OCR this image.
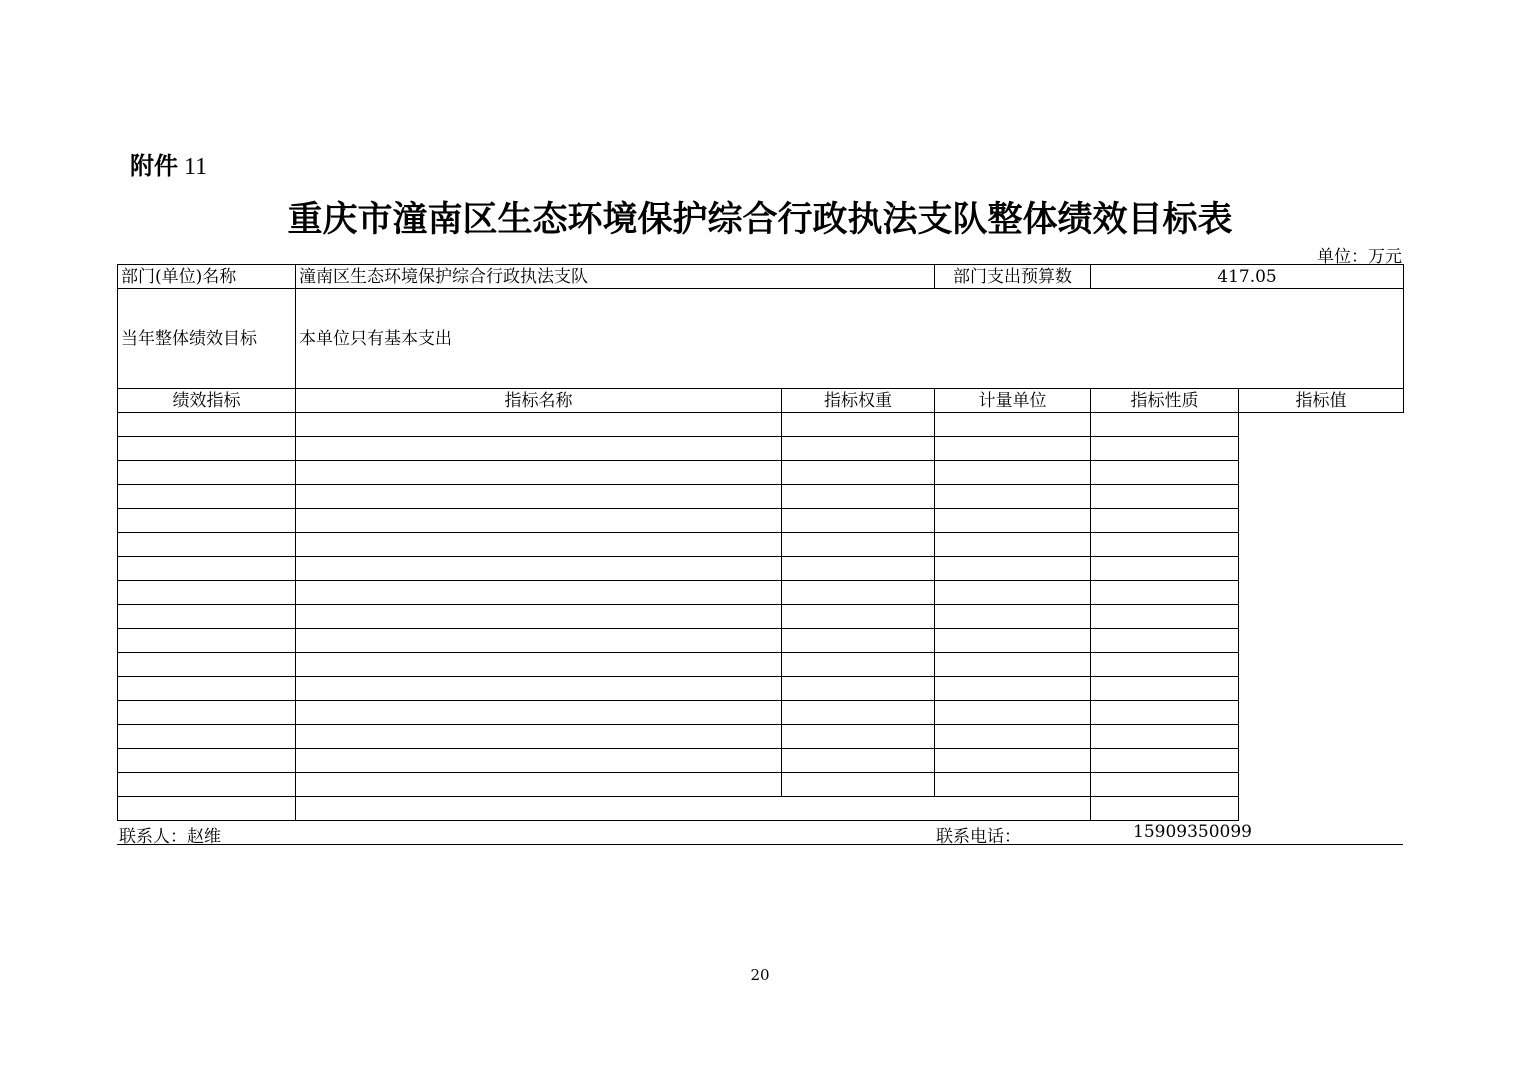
附件 11
重庆市潼南区生态环境保护综合行政执法支队整体绩效目标表
单位：万元
部门(单位)名称	潼南区生态环境保护综合行政执法支队		部门支出预算数	417.05	
当年整体绩效目标	本单位只有基本支出				
绩效指标	指标名称	指标权重	计量单位	指标性质	指标值

联系人：赵维	联系电话：	15909350099
20
